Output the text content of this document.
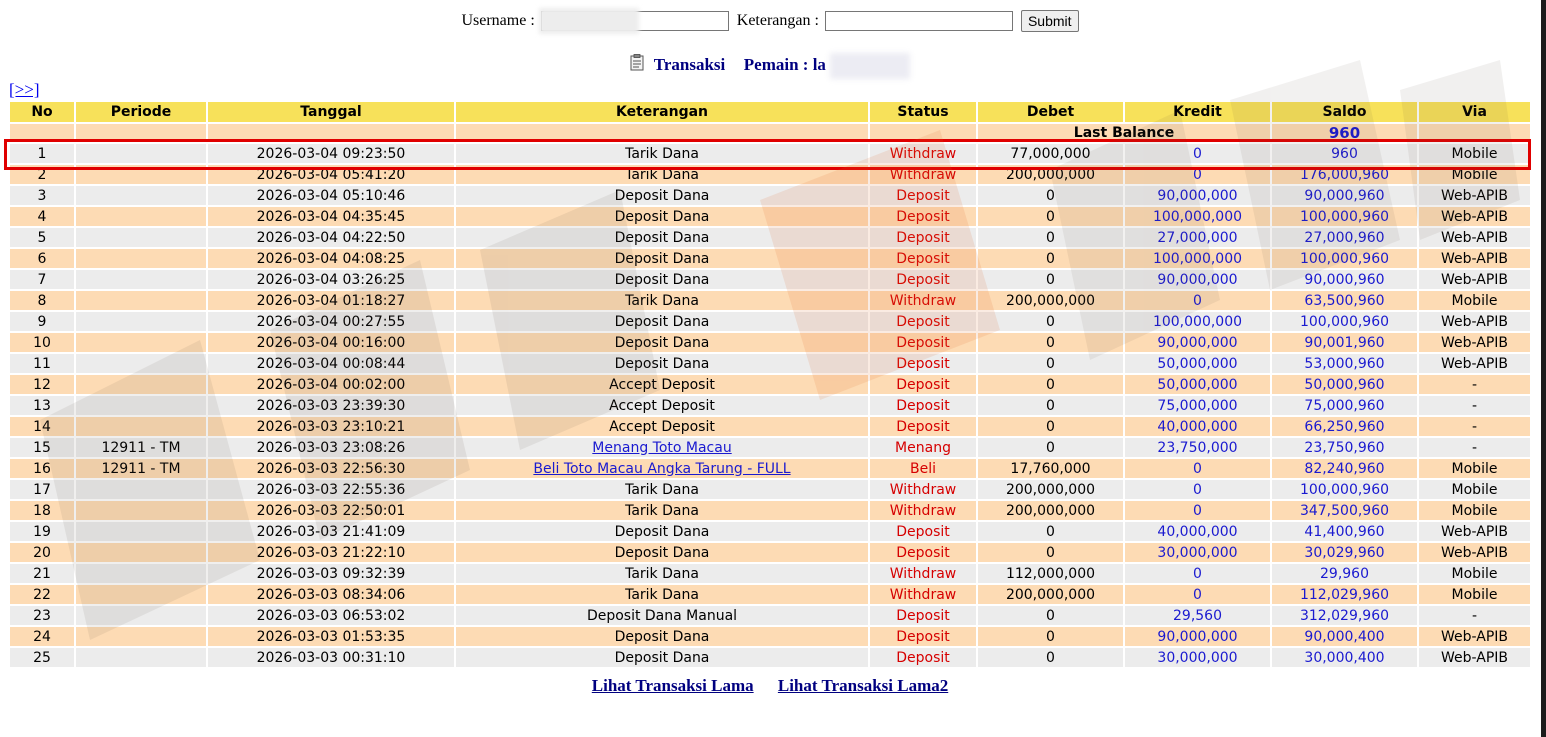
Username :	Keterangan :	Submit
Transaksi Pemain : la
[>>]
No	Periode	Tanggal	Keterangan	Status	Debet	Kredit	Saldo	Via
					Last Balance		960	
1		2026-03-04 09:23:50	Tarik Dana	Withdraw	77,000,000	0	960	Mobile
2		2026-03-04 05:41:20	Tarik Dana	Withdraw	200,000,000	0	176,000,960	Mobile
3		2026-03-04 05:10:46	Deposit Dana	Deposit	0	90,000,000	90,000,960	Web-APIB
4		2026-03-04 04:35:45	Deposit Dana	Deposit	0	100,000,000	100,000,960	Web-APIB
5		2026-03-04 04:22:50	Deposit Dana	Deposit	0	27,000,000	27,000,960	Web-APIB
6		2026-03-04 04:08:25	Deposit Dana	Deposit	0	100,000,000	100,000,960	Web-APIB
7		2026-03-04 03:26:25	Deposit Dana	Deposit	0	90,000,000	90,000,960	Web-APIB
8		2026-03-04 01:18:27	Tarik Dana	Withdraw	200,000,000	0	63,500,960	Mobile
9		2026-03-04 00:27:55	Deposit Dana	Deposit	0	100,000,000	100,000,960	Web-APIB
10		2026-03-04 00:16:00	Deposit Dana	Deposit	0	90,000,000	90,001,960	Web-APIB
11		2026-03-04 00:08:44	Deposit Dana	Deposit	0	50,000,000	53,000,960	Web-APIB
12		2026-03-04 00:02:00	Accept Deposit	Deposit	0	50,000,000	50,000,960	-
13		2026-03-03 23:39:30	Accept Deposit	Deposit	0	75,000,000	75,000,960	-
14		2026-03-03 23:10:21	Accept Deposit	Deposit	0	40,000,000	66,250,960	-
15	12911 - TM	2026-03-03 23:08:26	Menang Toto Macau	Menang	0	23,750,000	23,750,960	-
16	12911 - TM	2026-03-03 22:56:30	Beli Toto Macau Angka Tarung - FULL	Beli	17,760,000	0	82,240,960	Mobile
17		2026-03-03 22:55:36	Tarik Dana	Withdraw	200,000,000	0	100,000,960	Mobile
18		2026-03-03 22:50:01	Tarik Dana	Withdraw	200,000,000	0	347,500,960	Mobile
19		2026-03-03 21:41:09	Deposit Dana	Deposit	0	40,000,000	41,400,960	Web-APIB
20		2026-03-03 21:22:10	Deposit Dana	Deposit	0	30,000,000	30,029,960	Web-APIB
21		2026-03-03 09:32:39	Tarik Dana	Withdraw	112,000,000	0	29,960	Mobile
22		2026-03-03 08:34:06	Tarik Dana	Withdraw	200,000,000	0	112,029,960	Mobile
23		2026-03-03 06:53:02	Deposit Dana Manual	Deposit	0	29,560	312,029,960	-
24		2026-03-03 01:53:35	Deposit Dana	Deposit	0	90,000,000	90,000,400	Web-APIB
25		2026-03-03 00:31:10	Deposit Dana	Deposit	0	30,000,000	30,000,400	Web-APIB
Lihat Transaksi Lama Lihat Transaksi Lama2
